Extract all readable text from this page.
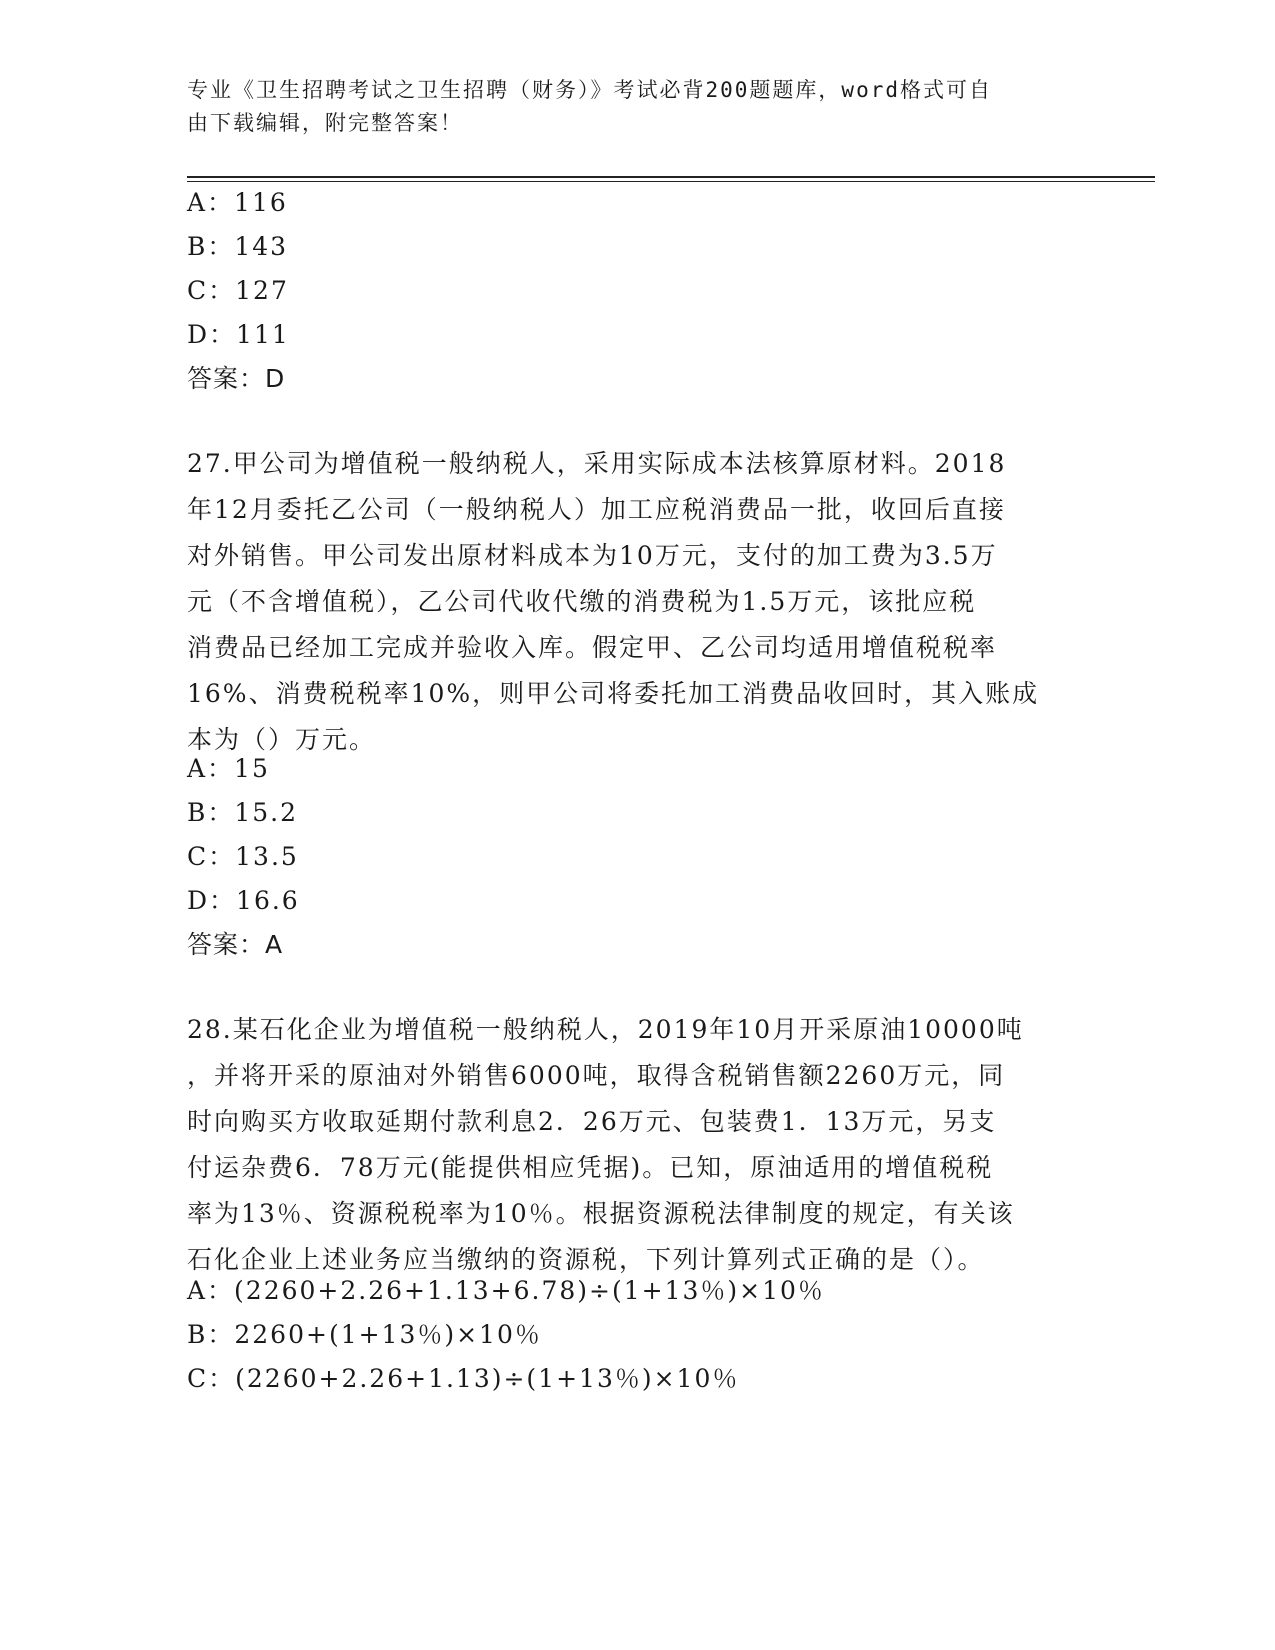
专业《卫生招聘考试之卫生招聘（财务）》考试必背200题题库，word格式可自
由下载编辑，附完整答案！
A：116
B：143
C：127
D：111
答案：D
27.甲公司为增值税一般纳税人，采用实际成本法核算原材料。2018
年12月委托乙公司（一般纳税人）加工应税消费品一批，收回后直接
对外销售。甲公司发出原材料成本为10万元，支付的加工费为3.5万
元（不含增值税），乙公司代收代缴的消费税为1.5万元，该批应税
消费品已经加工完成并验收入库。假定甲、乙公司均适用增值税税率
16%、消费税税率10%，则甲公司将委托加工消费品收回时，其入账成
本为（）万元。
A：15
B：15.2
C：13.5
D：16.6
答案：A
28.某石化企业为增值税一般纳税人，2019年10月开采原油10000吨
，并将开采的原油对外销售6000吨，取得含税销售额2260万元，同
时向购买方收取延期付款利息2．26万元、包装费1．13万元，另支
付运杂费6．78万元(能提供相应凭据)。已知，原油适用的增值税税
率为13％、资源税税率为10％。根据资源税法律制度的规定，有关该
石化企业上述业务应当缴纳的资源税，下列计算列式正确的是（）。
A：(2260+2.26+1.13+6.78)÷(1+13％)×10％
B：2260+(1+13％)×10％
C：(2260+2.26+1.13)÷(1+13％)×10％
